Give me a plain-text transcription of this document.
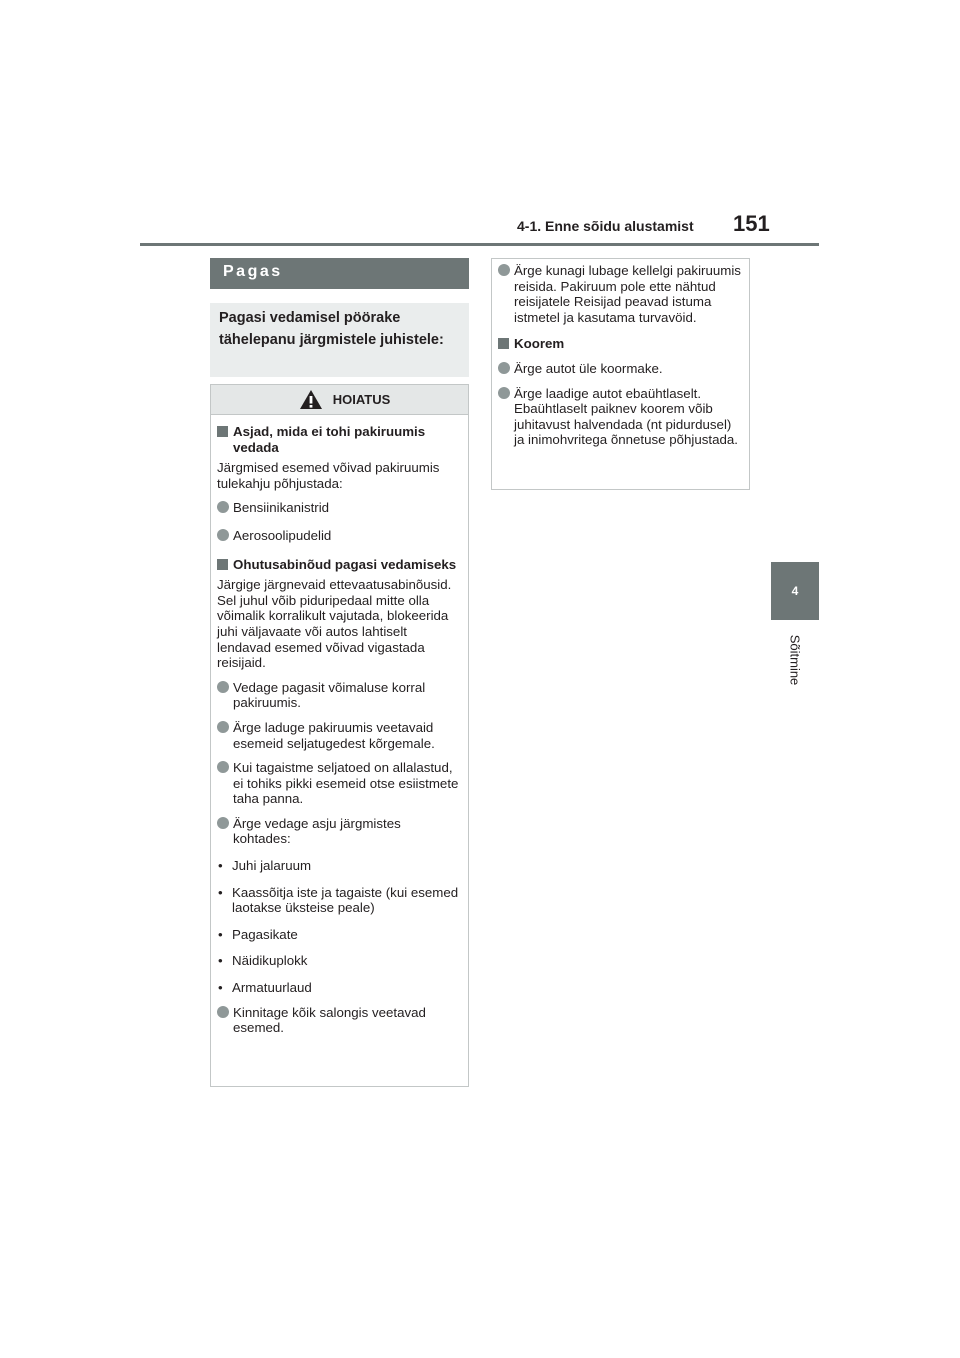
4-1. Enne sõidu alustamist 151
4
Sõitmine
Pagas
Pagasi vedamisel pöörake tähelepanu järgmistele juhistele:
HOIATUS
Asjad, mida ei tohi pakiruumis vedada
Järgmised esemed võivad pakiruumis tulekahju põhjustada:
Bensiinikanistrid
Aerosoolipudelid
Ohutusabinõud pagasi vedamiseks
Järgige järgnevaid ettevaatusabinõusid.
Sel juhul võib piduripedaal mitte olla võimalik korralikult vajutada, blokeerida juhi väljavaate või autos lahtiselt lendavad esemed võivad vigastada reisijaid.
Vedage pagasit võimaluse korral pakiruumis.
Ärge laduge pakiruumis veetavaid esemeid seljatugedest kõrgemale.
Kui tagaistme seljatoed on allalastud, ei tohiks pikki esemeid otse esiistmete taha panna.
Ärge vedage asju järgmistes kohtades:
• Juhi jalaruum
• Kaassõitja iste ja tagaiste (kui esemed laotakse üksteise peale)
• Pagasikate
• Näidikuplokk
• Armatuurlaud
Kinnitage kõik salongis veetavad esemed.
Ärge kunagi lubage kellelgi pakiruumis reisida. Pakiruum pole ette nähtud reisijatele Reisijad peavad istuma istmetel ja kasutama turvavöid.
Koorem
Ärge autot üle koormake.
Ärge laadige autot ebaühtlaselt. Ebaühtlaselt paiknev koorem võib juhitavust halvendada (nt pidurdusel) ja inimohvritega õnnetuse põhjustada.
